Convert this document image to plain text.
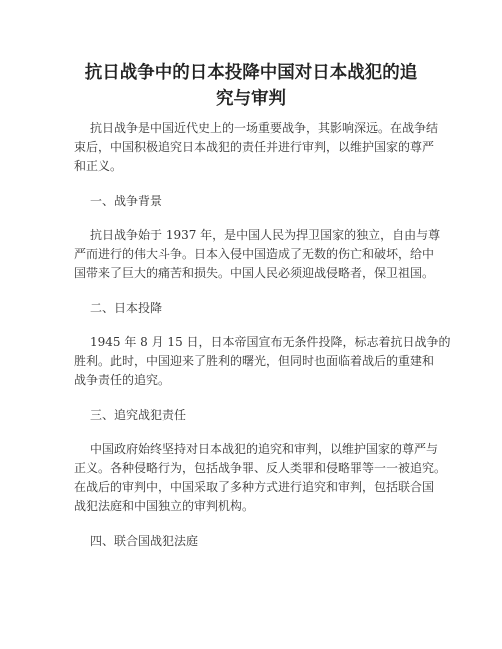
抗日战争中的日本投降中国对日本战犯的追
究与审判
抗日战争是中国近代史上的一场重要战争，其影响深远。在战争结
束后，中国积极追究日本战犯的责任并进行审判，以维护国家的尊严
和正义。
一、战争背景
抗日战争始于 1937 年，是中国人民为捍卫国家的独立，自由与尊
严而进行的伟大斗争。日本入侵中国造成了无数的伤亡和破坏，给中
国带来了巨大的痛苦和损失。中国人民必须迎战侵略者，保卫祖国。
二、日本投降
1945 年 8 月 15 日，日本帝国宣布无条件投降，标志着抗日战争的
胜利。此时，中国迎来了胜利的曙光，但同时也面临着战后的重建和
战争责任的追究。
三、追究战犯责任
中国政府始终坚持对日本战犯的追究和审判，以维护国家的尊严与
正义。各种侵略行为，包括战争罪、反人类罪和侵略罪等一一被追究。
在战后的审判中，中国采取了多种方式进行追究和审判，包括联合国
战犯法庭和中国独立的审判机构。
四、联合国战犯法庭
